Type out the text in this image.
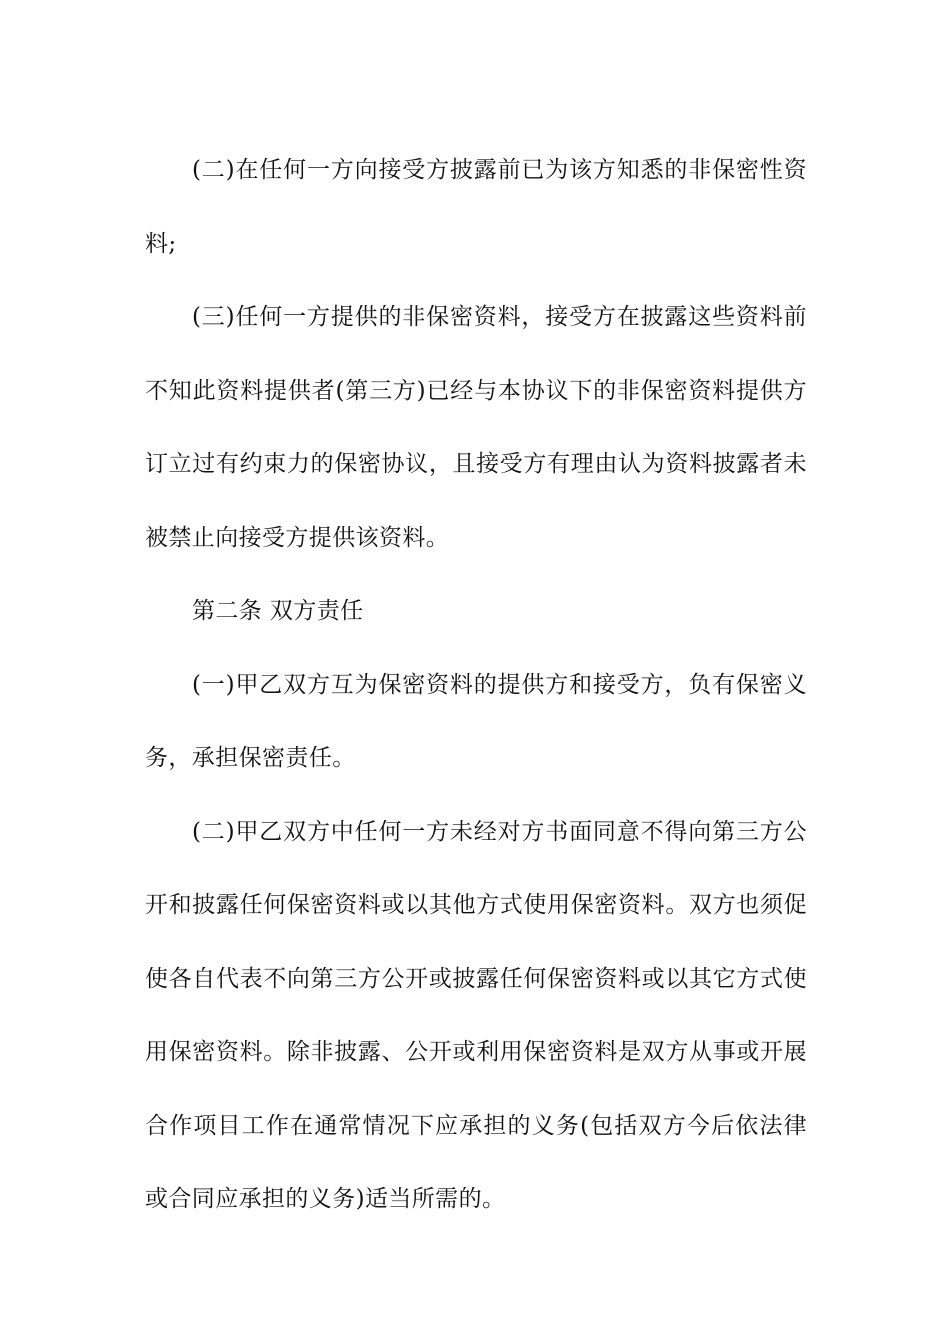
(二)在任何一方向接受方披露前已为该方知悉的非保密性资料;

(三)任何一方提供的非保密资料，接受方在披露这些资料前不知此资料提供者(第三方)已经与本协议下的非保密资料提供方订立过有约束力的保密协议，且接受方有理由认为资料披露者未被禁止向接受方提供该资料。

第二条 双方责任

(一)甲乙双方互为保密资料的提供方和接受方，负有保密义务，承担保密责任。

(二)甲乙双方中任何一方未经对方书面同意不得向第三方公开和披露任何保密资料或以其他方式使用保密资料。双方也须促使各自代表不向第三方公开或披露任何保密资料或以其它方式使用保密资料。除非披露、公开或利用保密资料是双方从事或开展合作项目工作在通常情况下应承担的义务(包括双方今后依法律或合同应承担的义务)适当所需的。
